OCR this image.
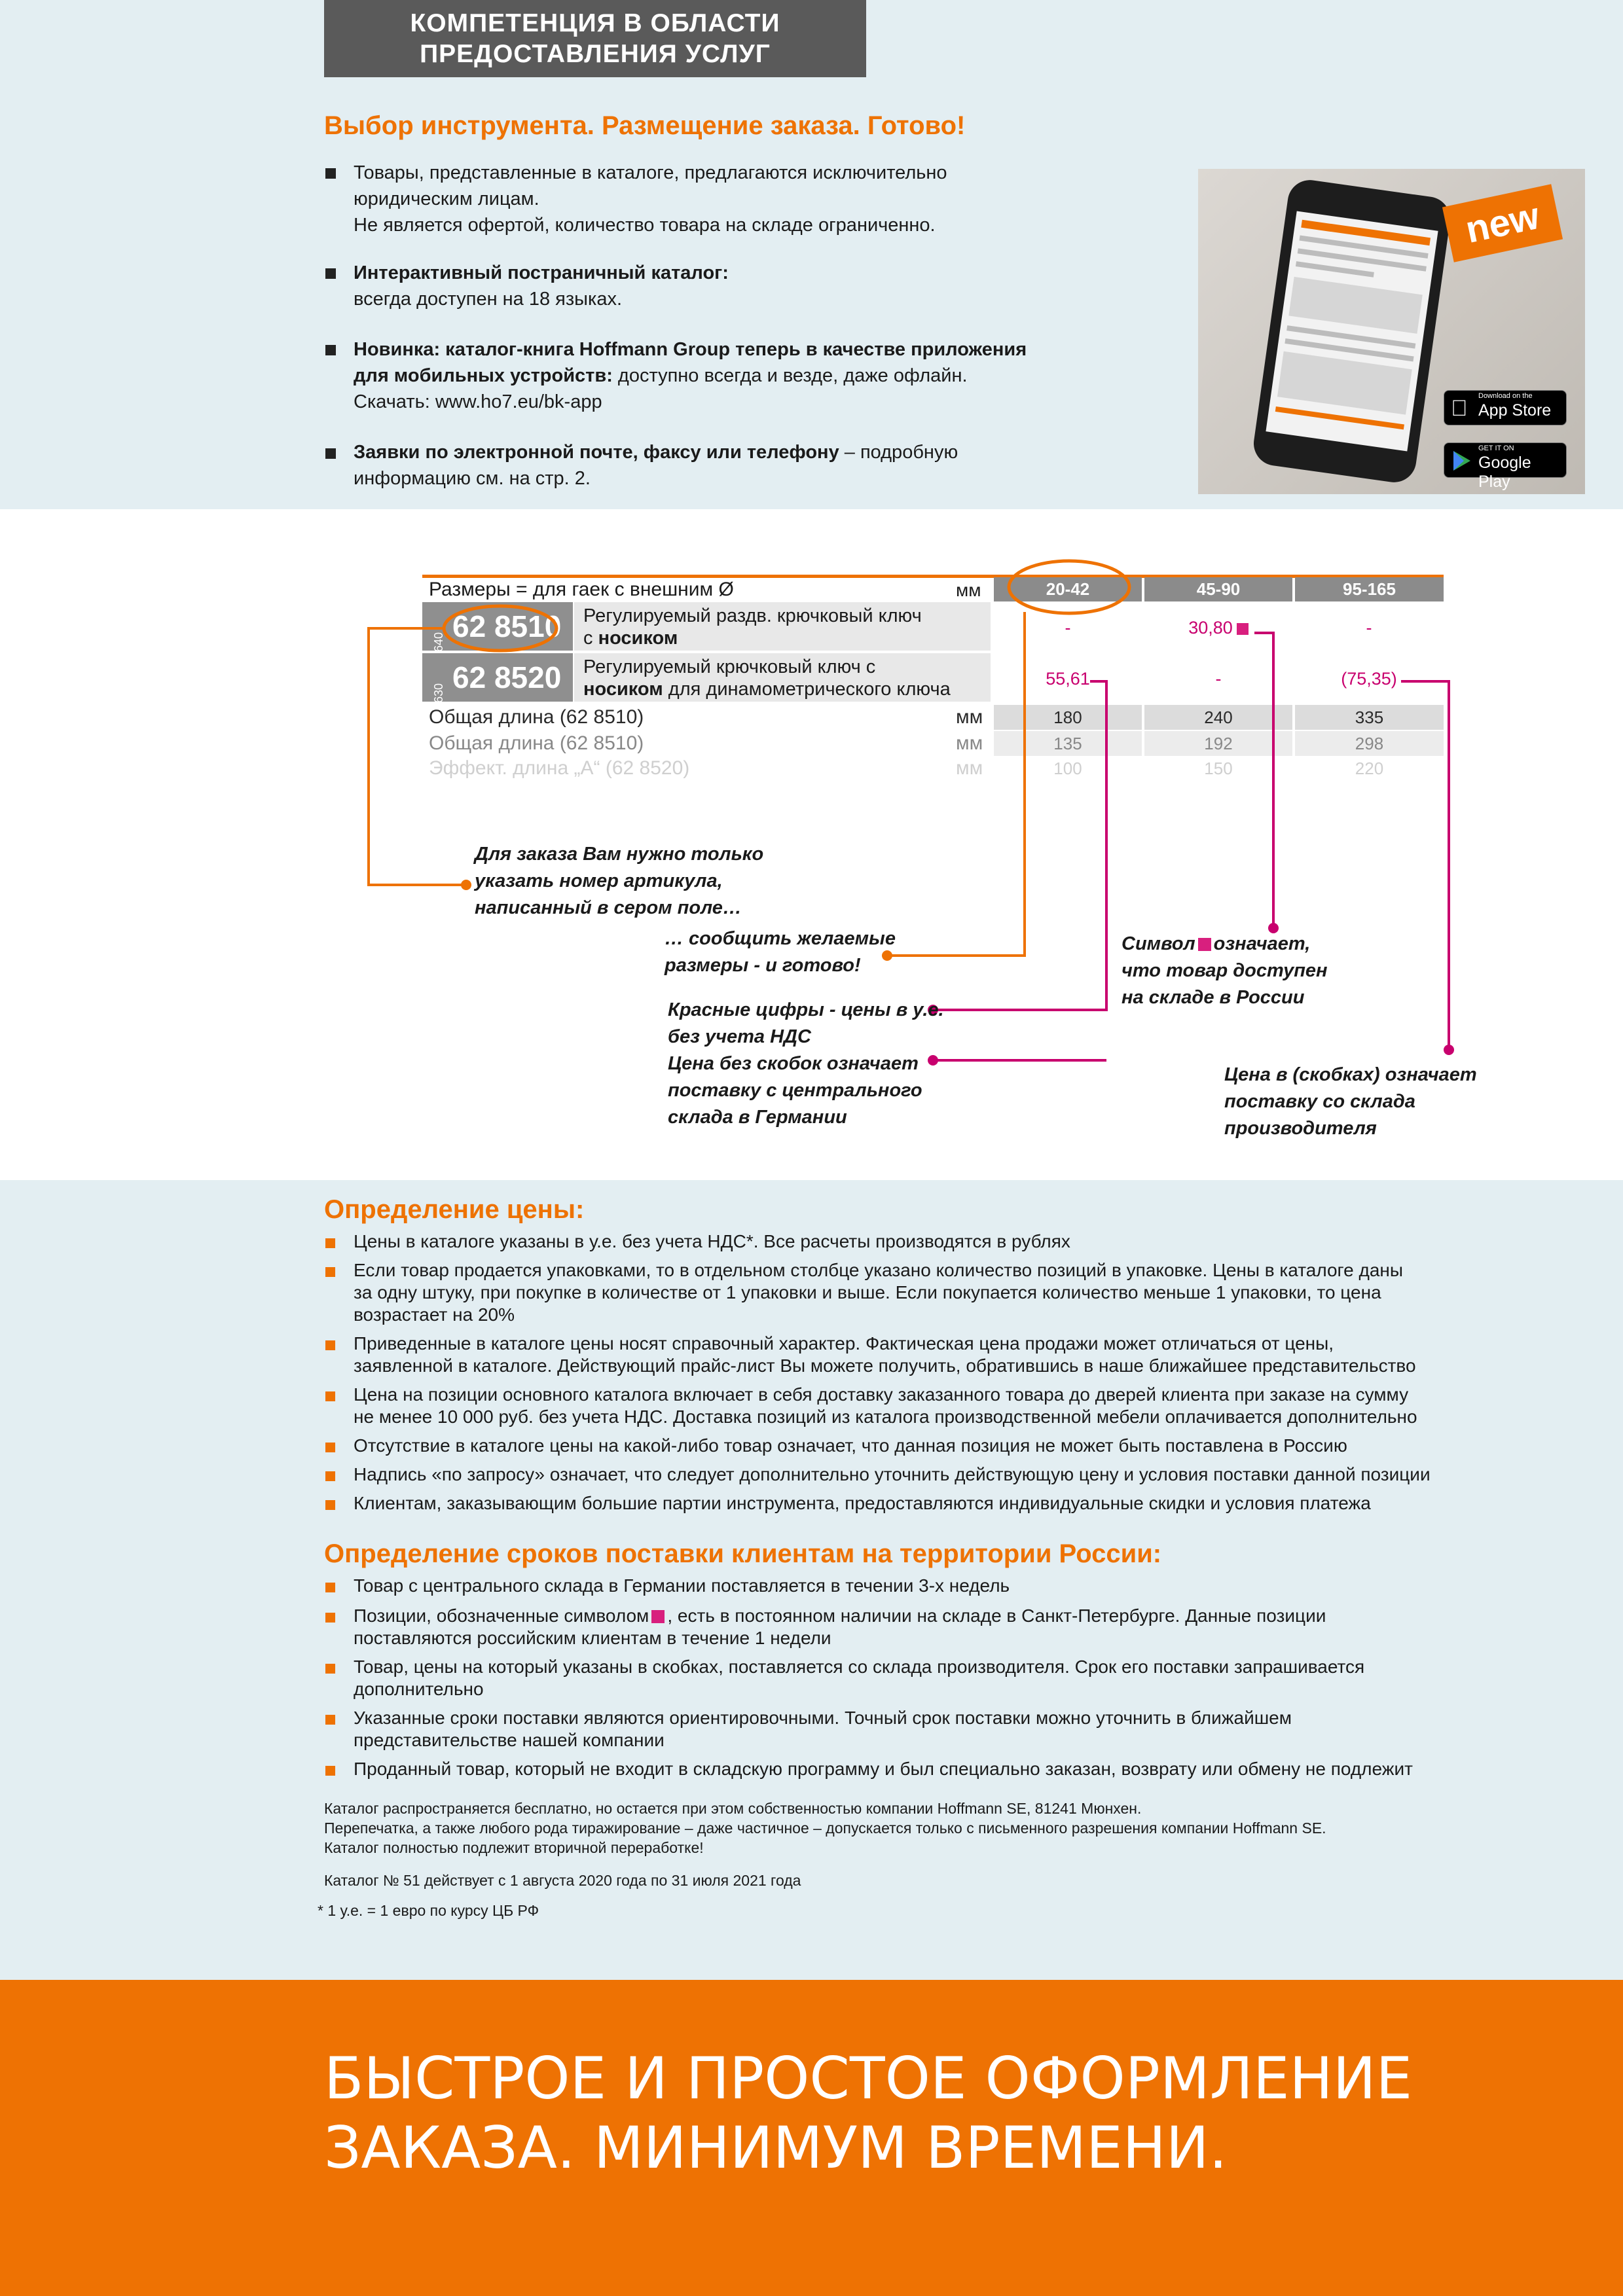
БЫСТРОЕ И ПРОСТОЕ ОФОРМЛЕНИЕ
ЗАКАЗА. МИНИМУМ ВРЕМЕНИ.
КОМПЕТЕНЦИЯ В ОБЛАСТИ
ПРЕДОСТАВЛЕНИЯ УСЛУГ
Выбор инструмента. Размещение заказа. Готово!
Товары, представленные в каталоге, предлагаются исключительно
юридическим лицам.
Не является офертой, количество товара на складе ограниченно.
Интерактивный постраничный каталог:
всегда доступен на 18 языках.
Новинка: каталог-книга Hoffmann Group теперь в качестве приложения
для мобильных устройств: доступно всегда и везде, даже офлайн.
Скачать: www.ho7.eu/bk-app
Заявки по электронной почте, факсу или телефону – подробную
информацию см. на стр. 2.
new
Download on the
App Store
GET IT ON
Google Play
Размеры = для гаек с внешним Ø	мм	20-42	45-90	95-165
640 62 8510 Регулируемый раздв. крючковый ключ
с носиком	-	30,80	-
630 62 8520 Регулируемый крючковый ключ с
носиком для динамометрического ключа	55,61	-	(75,35)
Общая длина (62 8510)	мм	180	240	335
Общая длина (62 8510)	мм	135	192	298
Эффект. длина „A“ (62 8520)	мм	100	150	220
Для заказа Вам нужно только
указать номер артикула,
написанный в сером поле…
… сообщить желаемые
размеры - и готово!
Символ означает,
что товар доступен
на складе в России
Красные цифры - цены в у.е.
без учета НДС
Цена без скобок означает
поставку с центрального
склада в Германии
Цена в (скобках) означает
поставку со склада
производителя
Определение цены:
Цены в каталоге указаны в у.е. без учета НДС*. Все расчеты производятся в рублях
Если товар продается упаковками, то в отдельном столбце указано количество позиций в упаковке. Цены в каталоге даны
за одну штуку, при покупке в количестве от 1 упаковки и выше. Если покупается количество меньше 1 упаковки, то цена
возрастает на 20%
Приведенные в каталоге цены носят справочный характер. Фактическая цена продажи может отличаться от цены,
заявленной в каталоге. Действующий прайс-лист Вы можете получить, обратившись в наше ближайшее представительство
Цена на позиции основного каталога включает в себя доставку заказанного товара до дверей клиента при заказе на сумму
не менее 10 000 руб. без учета НДС. Доставка позиций из каталога производственной мебели оплачивается дополнительно
Отсутствие в каталоге цены на какой-либо товар означает, что данная позиция не может быть поставлена в Россию
Надпись «по запросу» означает, что следует дополнительно уточнить действующую цену и условия поставки данной позиции
Клиентам, заказывающим большие партии инструмента, предоставляются индивидуальные скидки и условия платежа
Определение сроков поставки клиентам на территории России:
Товар с центрального склада в Германии поставляется в течении 3-х недель
Позиции, обозначенные символом , есть в постоянном наличии на складе в Санкт-Петербурге. Данные позиции
поставляются российским клиентам в течение 1 недели
Товар, цены на который указаны в скобках, поставляется со склада производителя. Срок его поставки запрашивается
дополнительно
Указанные сроки поставки являются ориентировочными. Точный срок поставки можно уточнить в ближайшем
представительстве нашей компании
Проданный товар, который не входит в складскую программу и был специально заказан, возврату или обмену не подлежит
Каталог распространяется бесплатно, но остается при этом собственностью компании Hoffmann SE, 81241 Мюнхен.
Перепечатка, а также любого рода тиражирование – даже частичное – допускается только с письменного разрешения компании Hoffmann SE.
Каталог полностью подлежит вторичной переработке!
Каталог № 51 действует с 1 августа 2020 года по 31 июля 2021 года
* 1 у.е. = 1 евро по курсу ЦБ РФ
